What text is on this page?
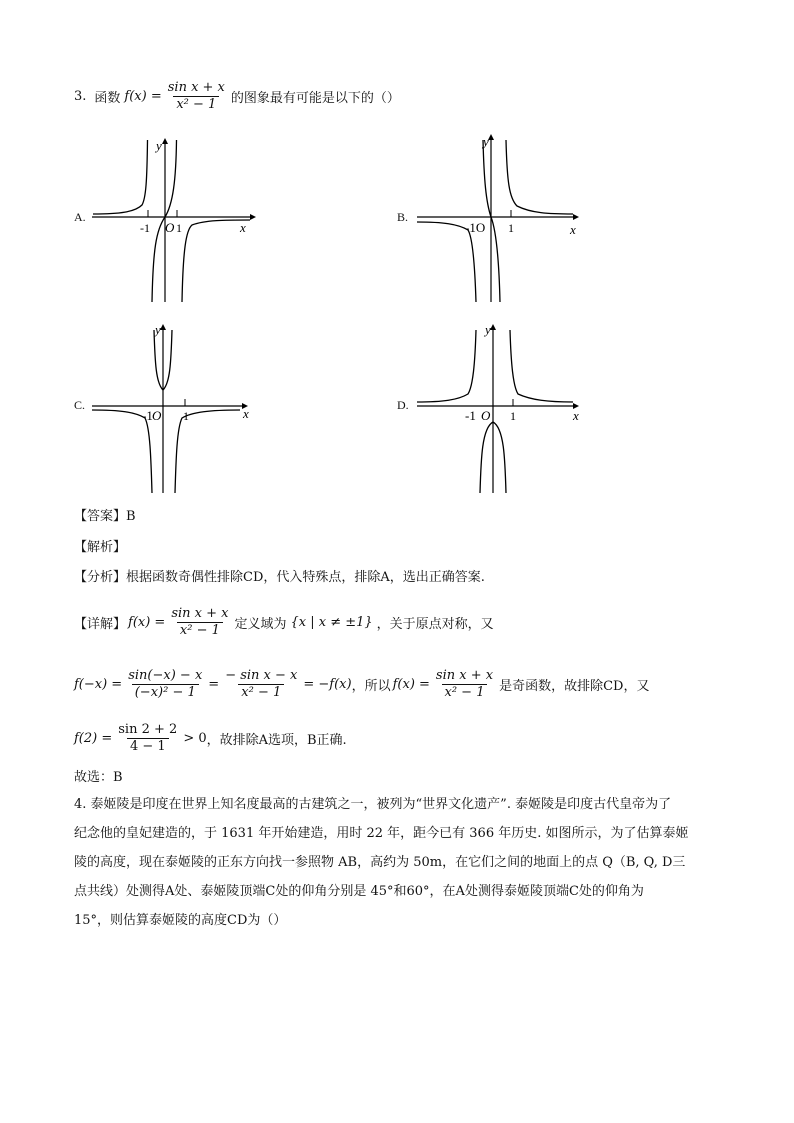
3. 函数 $f(x) = \frac{\text{sin x + x}}{\text{x² − 1}}$ 的图象最有可能是以下的（）
A.
y
x
-1 O 1
B.
y
x
-1O 1
C.
y
x
-1 O 1
D.
y
x
-1 O 1
【答案】B
【解析】
【分析】根据函数奇偶性排除CD，代入特殊点，排除A，选出正确答案.
【详解】 $f(x) = \frac{\text{sin x + x}}{\text{x² − 1}}$ 定义域为 {x | x ≠ ±1} ，关于原点对称，又
$f(-x) = \frac{\sin(-x) - x}{\text{(−x)² − 1}} = \frac{\text{− sin x − x}}{\text{x² − 1}} = -f(x)$ ，所以 $f(x) = \frac{\text{sin x + x}}{\text{x² − 1}}$ 是奇函数，故排除CD，又
$f(2) = \frac{\sin 2 + 2}{4 - 1} > 0$ ，故排除A选项，B正确.
故选：B
4. 泰姬陵是印度在世界上知名度最高的古建筑之一，被列为“世界文化遗产”. 泰姬陵是印度古代皇帝为了
纪念他的皇妃建造的，于 1631 年开始建造，用时 22 年，距今已有 366 年历史. 如图所示，为了估算泰姬
陵的高度，现在泰姬陵的正东方向找一参照物 AB，高约为 50m，在它们之间的地面上的点 Q（B, Q, D三
点共线）处测得A处、泰姬陵顶端C处的仰角分别是 45°和60°，在A处测得泰姬陵顶端C处的仰角为
15°，则估算泰姬陵的高度CD为（）
